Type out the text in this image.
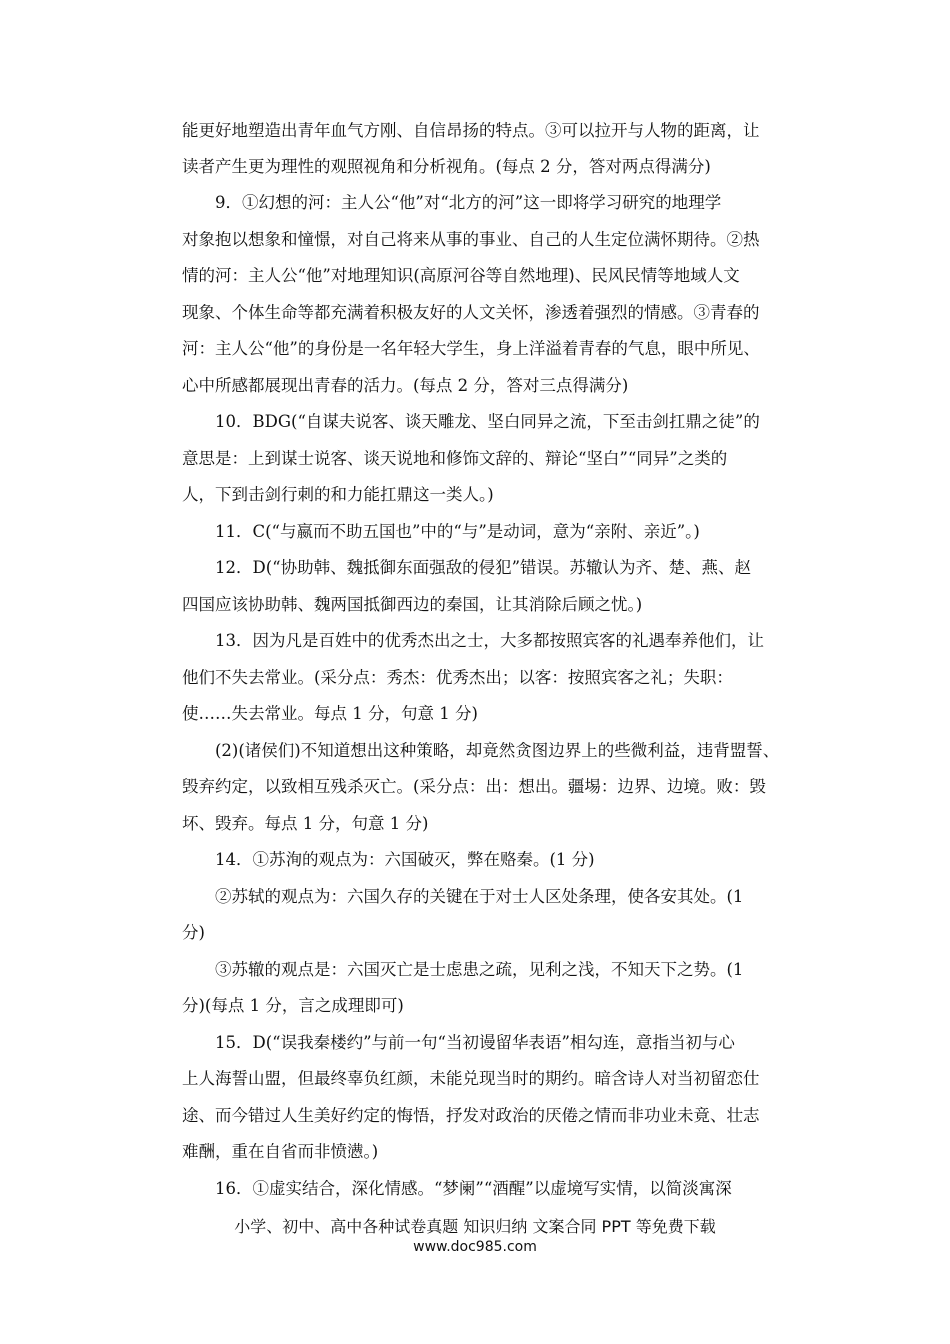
能更好地塑造出青年血气方刚、自信昂扬的特点。③可以拉开与人物的距离，让
读者产生更为理性的观照视角和分析视角。(每点 2 分，答对两点得满分)
9．①幻想的河：主人公“他”对“北方的河”这一即将学习研究的地理学
对象抱以想象和憧憬，对自己将来从事的事业、自己的人生定位满怀期待。②热
情的河：主人公“他”对地理知识(高原河谷等自然地理)、民风民情等地域人文
现象、个体生命等都充满着积极友好的人文关怀，渗透着强烈的情感。③青春的
河：主人公“他”的身份是一名年轻大学生，身上洋溢着青春的气息，眼中所见、
心中所感都展现出青春的活力。(每点 2 分，答对三点得满分)
10．BDG(“自谋夫说客、谈天雕龙、坚白同异之流，下至击剑扛鼎之徒”的
意思是：上到谋士说客、谈天说地和修饰文辞的、辩论“坚白”“同异”之类的
人，下到击剑行刺的和力能扛鼎这一类人。)
11．C(“与嬴而不助五国也”中的“与”是动词，意为“亲附、亲近”。)
12．D(“协助韩、魏抵御东面强敌的侵犯”错误。苏辙认为齐、楚、燕、赵
四国应该协助韩、魏两国抵御西边的秦国，让其消除后顾之忧。)
13．因为凡是百姓中的优秀杰出之士，大多都按照宾客的礼遇奉养他们，让
他们不失去常业。(采分点：秀杰：优秀杰出；以客：按照宾客之礼；失职：
使……失去常业。每点 1 分，句意 1 分)
(2)(诸侯们)不知道想出这种策略，却竟然贪图边界上的些微利益，违背盟誓、
毁弃约定，以致相互残杀灭亡。(采分点：出：想出。疆埸：边界、边境。败：毁
坏、毁弃。每点 1 分，句意 1 分)
14．①苏洵的观点为：六国破灭，弊在赂秦。(1 分)
②苏轼的观点为：六国久存的关键在于对士人区处条理，使各安其处。(1
分)
③苏辙的观点是：六国灭亡是士虑患之疏，见利之浅，不知天下之势。(1
分)(每点 1 分，言之成理即可)
15．D(“误我秦楼约”与前一句“当初谩留华表语”相勾连，意指当初与心
上人海誓山盟，但最终辜负红颜，未能兑现当时的期约。暗含诗人对当初留恋仕
途、而今错过人生美好约定的悔悟，抒发对政治的厌倦之情而非功业未竟、壮志
难酬，重在自省而非愤懑。)
16．①虚实结合，深化情感。“梦阑”“酒醒”以虚境写实情，以简淡寓深
小学、初中、高中各种试卷真题 知识归纳 文案合同 PPT 等免费下载
www.doc985.com
